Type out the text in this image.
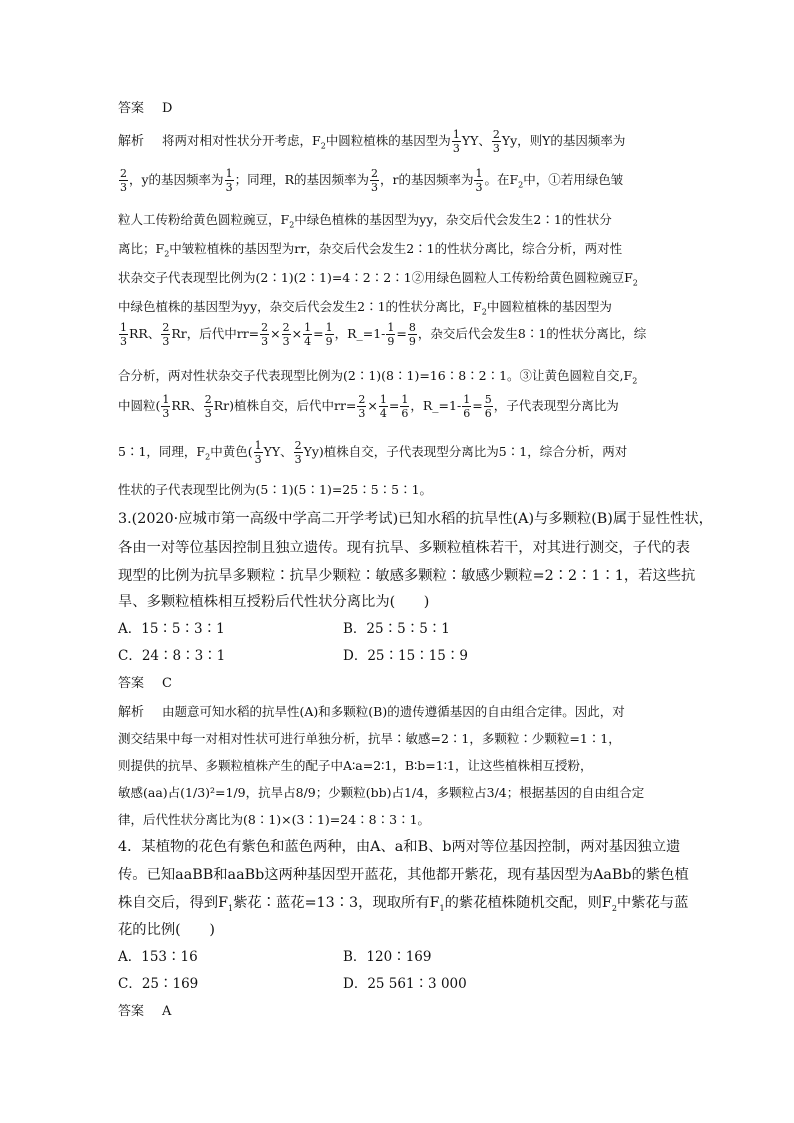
答案 D
解析 将两对相对性状分开考虑，$F_2$中圆粒植株的基因型为 $\frac{1}{3}$ YY、 $\frac{2}{3}$ Yy，则Y的基因频率为
$\frac{2}{3}$ ，y的基因频率为 $\frac{1}{3}$ ；同理，R的基因频率为 $\frac{2}{3}$ ，r的基因频率为 $\frac{1}{3}$ 。在$F_2$中，①若用绿色皱
粒人工传粉给黄色圆粒豌豆，$F_2$中绿色植株的基因型为yy，杂交后代会发生2∶1的性状分
离比；$F_2$中皱粒植株的基因型为rr，杂交后代会发生2∶1的性状分离比，综合分析，两对性
状杂交子代表现型比例为(2∶1)(2∶1)=4∶2∶2∶1②用绿色圆粒人工传粉给黄色圆粒豌豆$F_2$
中绿色植株的基因型为yy，杂交后代会发生2∶1的性状分离比，$F_2$中圆粒植株的基因型为
$\frac{1}{3}$ RR、 $\frac{2}{3}$ Rr，后代中$rr= \frac{2}{3} \times \frac{2}{3} \times \frac{1}{4} = \frac{1}{9}$ ，R_=1- $\frac{1}{9} = \frac{8}{9}$ ，杂交后代会发生8∶1的性状分离比，综
合分析，两对性状杂交子代表现型比例为(2∶1)(8∶1)=16∶8∶2∶1。③让黄色圆粒自交$,F_2$
中圆粒( $\frac{1}{3}$ RR、 $\frac{2}{3} Rr$)植株自交，后代中$rr= \frac{2}{3} \times \frac{1}{4} = \frac{1}{6}$ ，R_=1- $\frac{1}{6} = \frac{5}{6}$ ，子代表现型分离比为
5∶1，同理，$F_2$中黄色( $\frac{1}{3}$ YY、 $\frac{2}{3} Yy$)植株自交，子代表现型分离比为5∶1，综合分析，两对
性状的子代表现型比例为(5∶1)(5∶1)=25∶5∶5∶1。
3.(2020·应城市第一高级中学高二开学考试)已知水稻的抗旱性(A)与多颗粒(B)属于显性性状，
各由一对等位基因控制且独立遗传。现有抗旱、多颗粒植株若干，对其进行测交，子代的表
现型的比例为抗旱多颗粒∶抗旱少颗粒∶敏感多颗粒∶敏感少颗粒=2∶2∶1∶1，若这些抗
旱、多颗粒植株相互授粉后代性状分离比为(　　)
A．15∶5∶3∶1	B．25∶5∶5∶1
C．24∶8∶3∶1	D．25∶15∶15∶9
答案 C
解析 由题意可知水稻的抗旱性(A)和多颗粒(B)的遗传遵循基因的自由组合定律。因此，对
测交结果中每一对相对性状可进行单独分析，抗旱∶敏感=2∶1，多颗粒∶少颗粒=1∶1，
则提供的抗旱、多颗粒植株产生的配子中A∶a=2∶1，B∶b=1∶1，让这些植株相互授粉，
敏感(aa)占(1/3)²=1/9，抗旱占8/9；少颗粒(bb)占1/4，多颗粒占3/4；根据基因的自由组合定
律，后代性状分离比为(8∶1)×(3∶1)=24∶8∶3∶1。
4．某植物的花色有紫色和蓝色两种，由A、a和B、b两对等位基因控制，两对基因独立遗
传。已知aaBB和aaBb这两种基因型开蓝花，其他都开紫花，现有基因型为AaBb的紫色植
株自交后，得到$F_1$紫花∶蓝花=13∶3，现取所有$F_1$的紫花植株随机交配，则$F_2$中紫花与蓝
花的比例(　　)
A．153∶16	B．120∶169
C．25∶169	D．25 561∶3 000
答案 A
